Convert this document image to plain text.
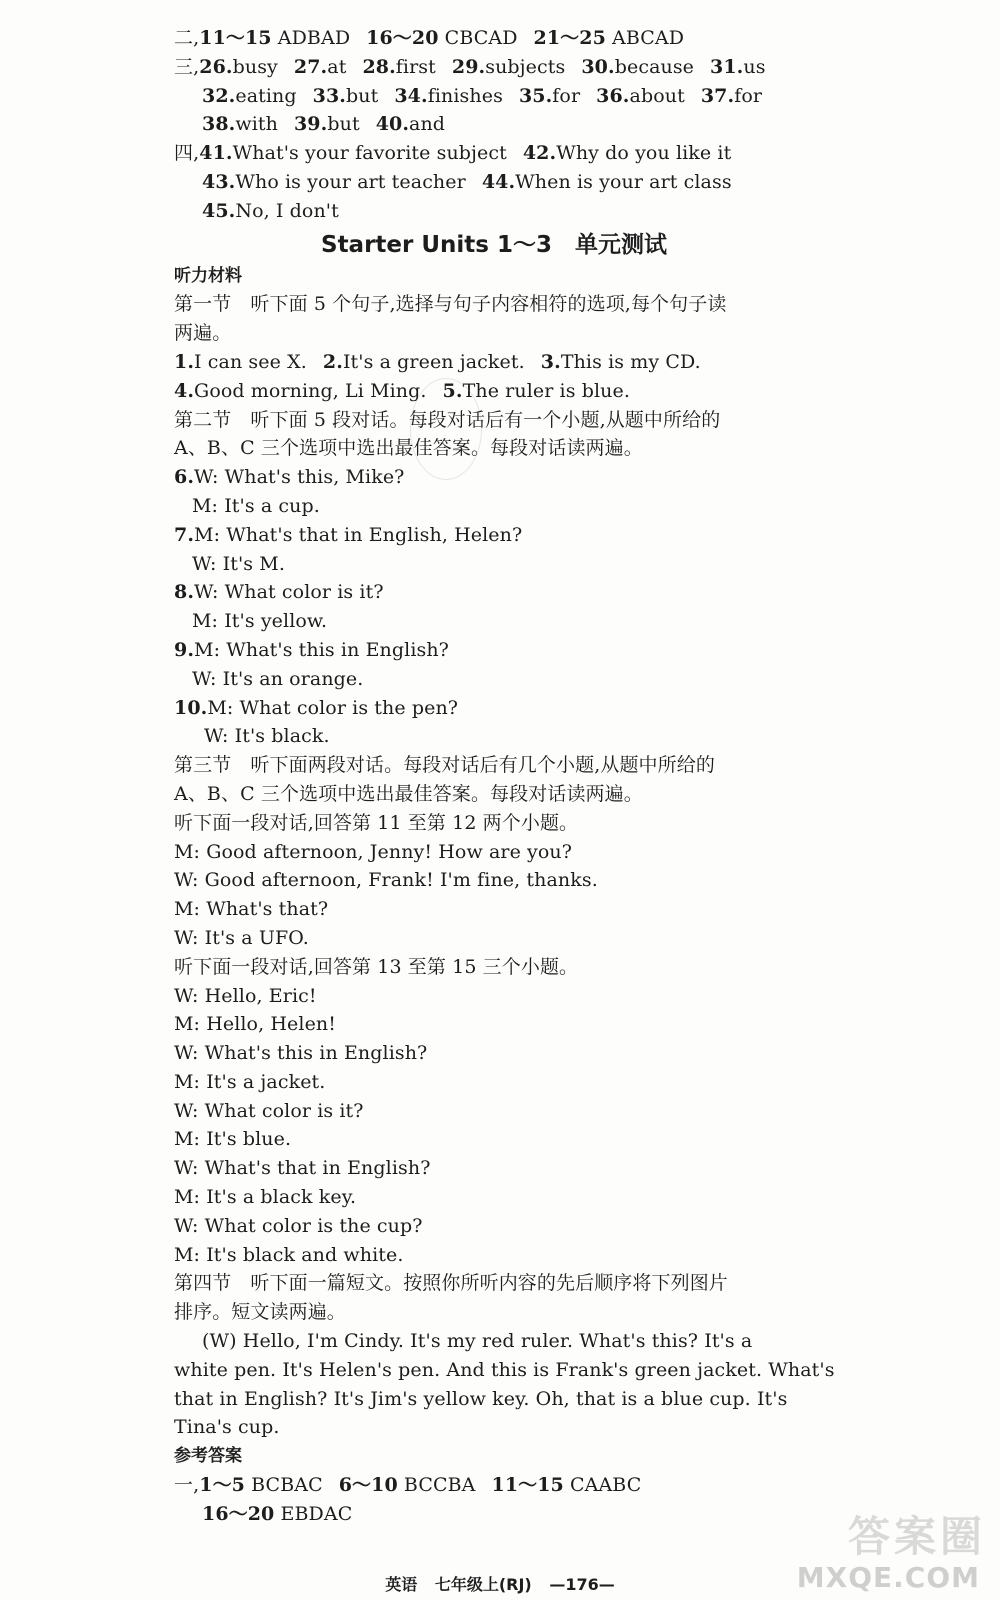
二,11～15 ADBAD 16～20 CBCAD 21～25 ABCAD
三,26.busy 27.at 28.first 29.subjects 30.because 31.us
32.eating 33.but 34.finishes 35.for 36.about 37.for
38.with 39.but 40.and
四,41.What's your favorite subject 42.Why do you like it
43.Who is your art teacher 44.When is your art class
45.No, I don't
Starter Units 1～3　单元测试
听力材料
第一节　听下面 5 个句子,选择与句子内容相符的选项,每个句子读
两遍。
1.I can see X. 2.It's a green jacket. 3.This is my CD.
4.Good morning, Li Ming. 5.The ruler is blue.
第二节　听下面 5 段对话。每段对话后有一个小题,从题中所给的
A、B、C 三个选项中选出最佳答案。每段对话读两遍。
6.W: What's this, Mike?
M: It's a cup.
7.M: What's that in English, Helen?
W: It's M.
8.W: What color is it?
M: It's yellow.
9.M: What's this in English?
W: It's an orange.
10.M: What color is the pen?
W: It's black.
第三节　听下面两段对话。每段对话后有几个小题,从题中所给的
A、B、C 三个选项中选出最佳答案。每段对话读两遍。
听下面一段对话,回答第 11 至第 12 两个小题。
M: Good afternoon, Jenny! How are you?
W: Good afternoon, Frank! I'm fine, thanks.
M: What's that?
W: It's a UFO.
听下面一段对话,回答第 13 至第 15 三个小题。
W: Hello, Eric!
M: Hello, Helen!
W: What's this in English?
M: It's a jacket.
W: What color is it?
M: It's blue.
W: What's that in English?
M: It's a black key.
W: What color is the cup?
M: It's black and white.
第四节　听下面一篇短文。按照你所听内容的先后顺序将下列图片
排序。短文读两遍。
(W) Hello, I'm Cindy. It's my red ruler. What's this? It's a
white pen. It's Helen's pen. And this is Frank's green jacket. What's
that in English? It's Jim's yellow key. Oh, that is a blue cup. It's
Tina's cup.
参考答案
一,1～5 BCBAC 6～10 BCCBA 11～15 CAABC
16～20 EBDAC
英语 七年级上(RJ) —176—
答案圈
MXQE.COM
